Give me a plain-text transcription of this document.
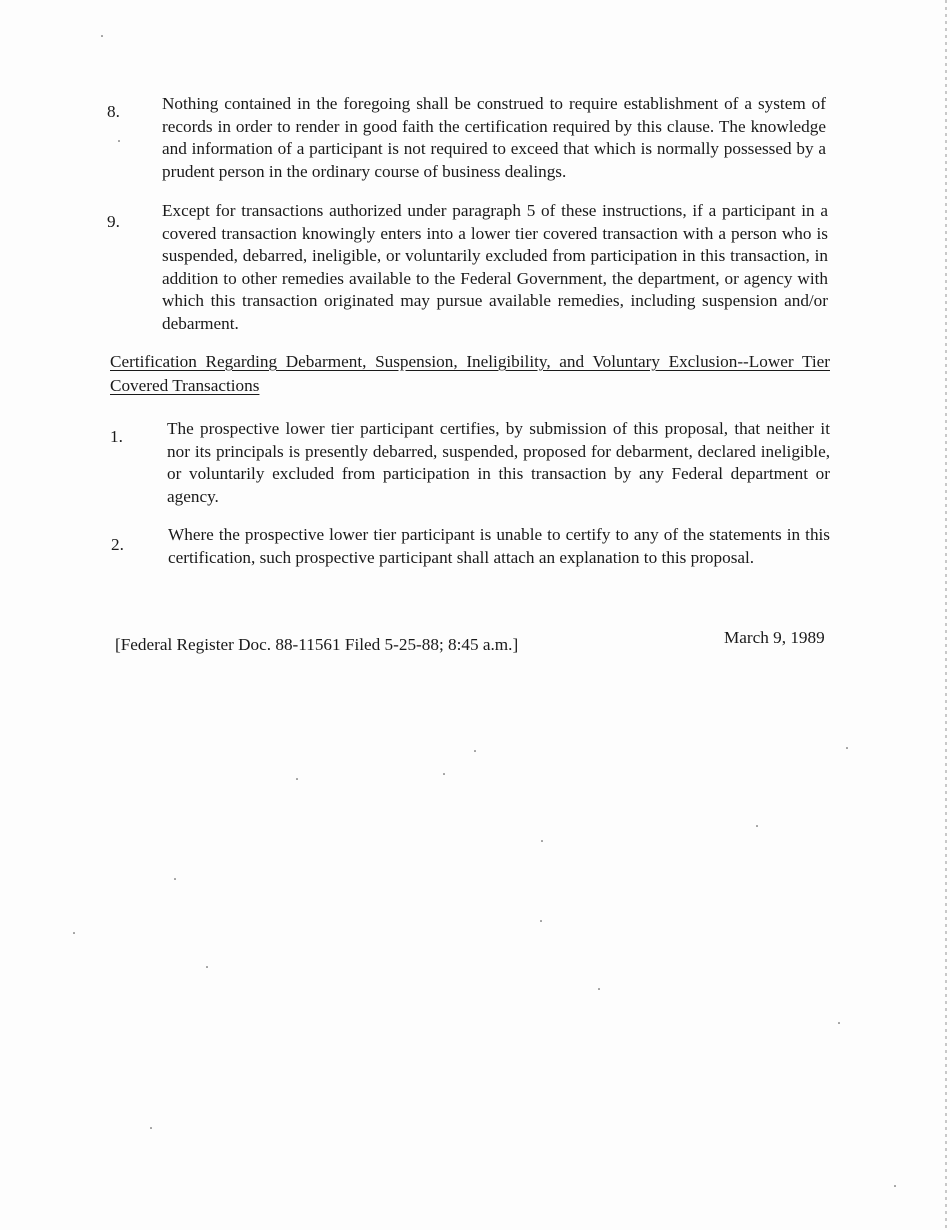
8. Nothing contained in the foregoing shall be construed to require establishment of a system of records in order to render in good faith the certification required by this clause. The knowledge and information of a participant is not required to exceed that which is normally possessed by a prudent person in the ordinary course of business dealings.
9.
Except for transactions authorized under paragraph 5 of these instructions, if a participant in a covered transaction knowingly enters into a lower tier covered transaction with a person who is suspended, debarred, ineligible, or voluntarily excluded from participation in this transaction, in addition to other remedies available to the Federal Government, the department, or agency with which this transaction originated may pursue available remedies, including suspension and/or debarment.
Certification Regarding Debarment, Suspension, Ineligibility, and Voluntary Exclusion--Lower Tier Covered Transactions
1.	The prospective lower tier participant certifies, by submission of this proposal, that neither it nor its principals is presently debarred, suspended, proposed for debarment, declared ineligible, or voluntarily excluded from participation in this transaction by any Federal department or agency.
2.
Where the prospective lower tier participant is unable to certify to any of the statements in this certification, such prospective participant shall attach an explanation to this proposal.
[Federal Register Doc. 88-11561 Filed 5-25-88; 8:45 a.m.]	March 9, 1989
